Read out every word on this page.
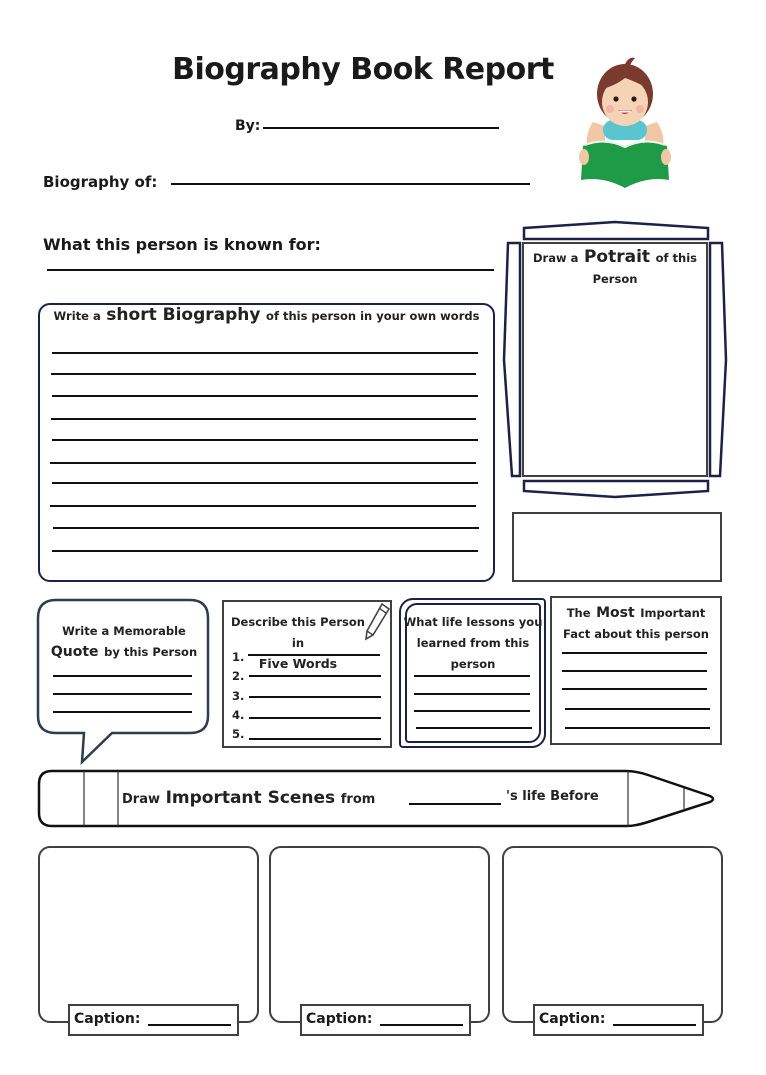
Biography Book Report
By:
Biography of:
What this person is known for:
Write a short Biography of this person in your own words
Draw a Potrait of this
Person
Write a Memorable
Quote by this Person
Describe this Person in
Five Words
1.
2.
3.
4.
5.
What life lessons you
learned from this
person
The Most Important
Fact about this person
Draw Important Scenes from	's life Before
Caption:	Caption:	Caption:
